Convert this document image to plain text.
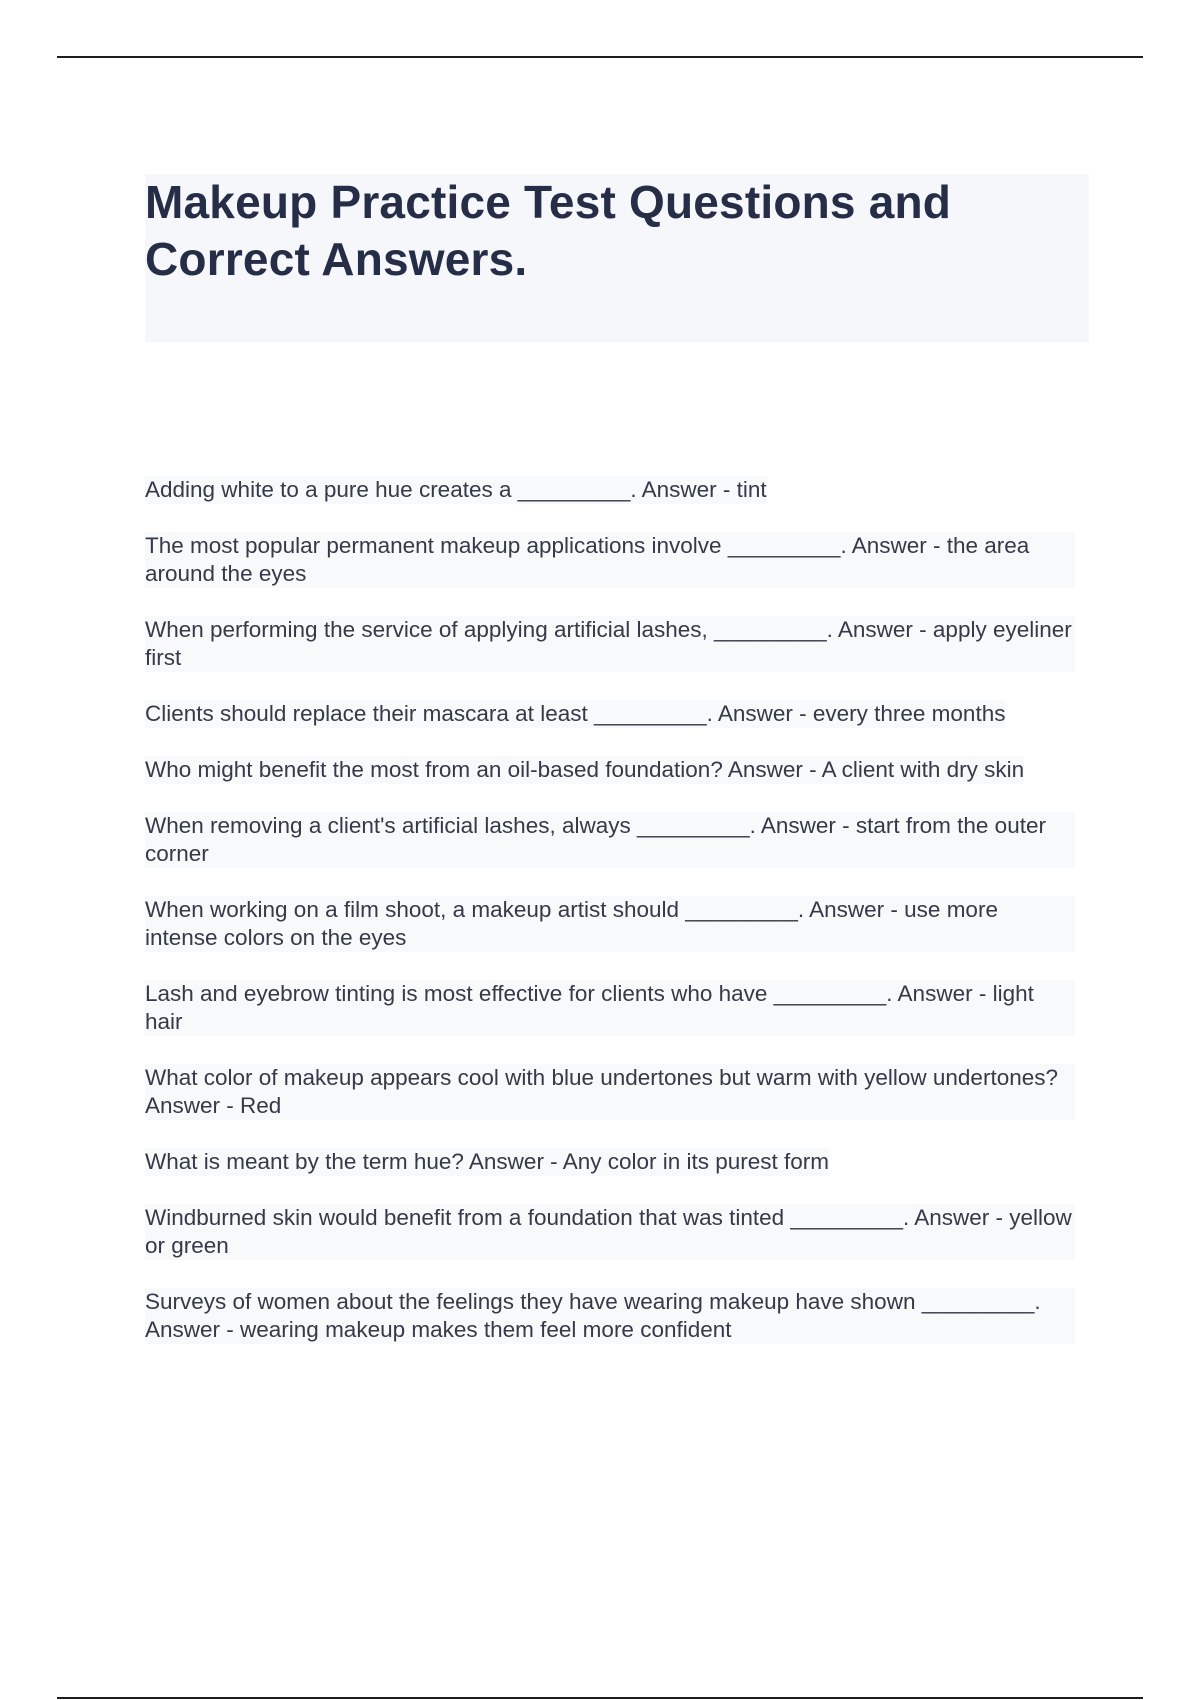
Makeup Practice Test Questions and
Correct Answers.
Adding white to a pure hue creates a _________. Answer - tint
The most popular permanent makeup applications involve _________. Answer - the area around the eyes
When performing the service of applying artificial lashes, _________. Answer - apply eyeliner first
Clients should replace their mascara at least _________. Answer - every three months
Who might benefit the most from an oil-based foundation? Answer - A client with dry skin
When removing a client's artificial lashes, always _________. Answer - start from the outer corner
When working on a film shoot, a makeup artist should _________. Answer - use more intense colors on the eyes
Lash and eyebrow tinting is most effective for clients who have _________. Answer - light hair
What color of makeup appears cool with blue undertones but warm with yellow undertones? Answer - Red
What is meant by the term hue? Answer - Any color in its purest form
Windburned skin would benefit from a foundation that was tinted _________. Answer - yellow or green
Surveys of women about the feelings they have wearing makeup have shown _________. Answer - wearing makeup makes them feel more confident
